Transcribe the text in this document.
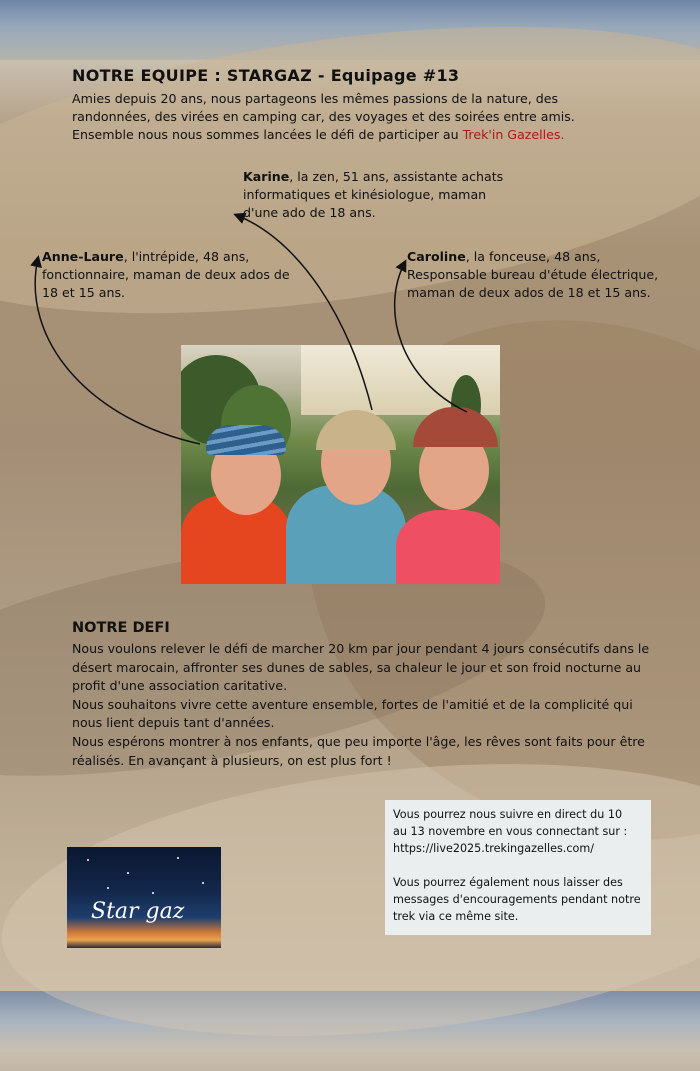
NOTRE EQUIPE : STARGAZ - Equipage #13
Amies depuis 20 ans, nous partageons les mêmes passions de la nature, des
randonnées, des virées en camping car, des voyages et des soirées entre amis.
Ensemble nous nous sommes lancées le défi de participer au Trek'in Gazelles.
Karine, la zen, 51 ans, assistante achats
informatiques et kinésiologue, maman
d'une ado de 18 ans.
Anne-Laure, l'intrépide, 48 ans,
fonctionnaire, maman de deux ados de
18 et 15 ans.
Caroline, la fonceuse, 48 ans,
Responsable bureau d'étude électrique,
maman de deux ados de 18 et 15 ans.
NOTRE DEFI

Nous voulons relever le défi de marcher 20 km par jour pendant 4 jours consécutifs dans le désert marocain, affronter ses dunes de sables, sa chaleur le jour et son froid nocturne au profit d'une association caritative.

Nous souhaitons vivre cette aventure ensemble, fortes de l'amitié et de la complicité qui nous lient depuis tant d'années.

Nous espérons montrer à nos enfants, que peu importe l'âge, les rêves sont faits pour être réalisés. En avançant à plusieurs, on est plus fort !

Vous pourrez nous suivre en direct du 10

au 13 novembre en vous connectant sur :

https://live2025.trekingazelles.com/

Vous pourrez également nous laisser des

messages d'encouragements pendant notre

trek via ce même site.

Star gaz
